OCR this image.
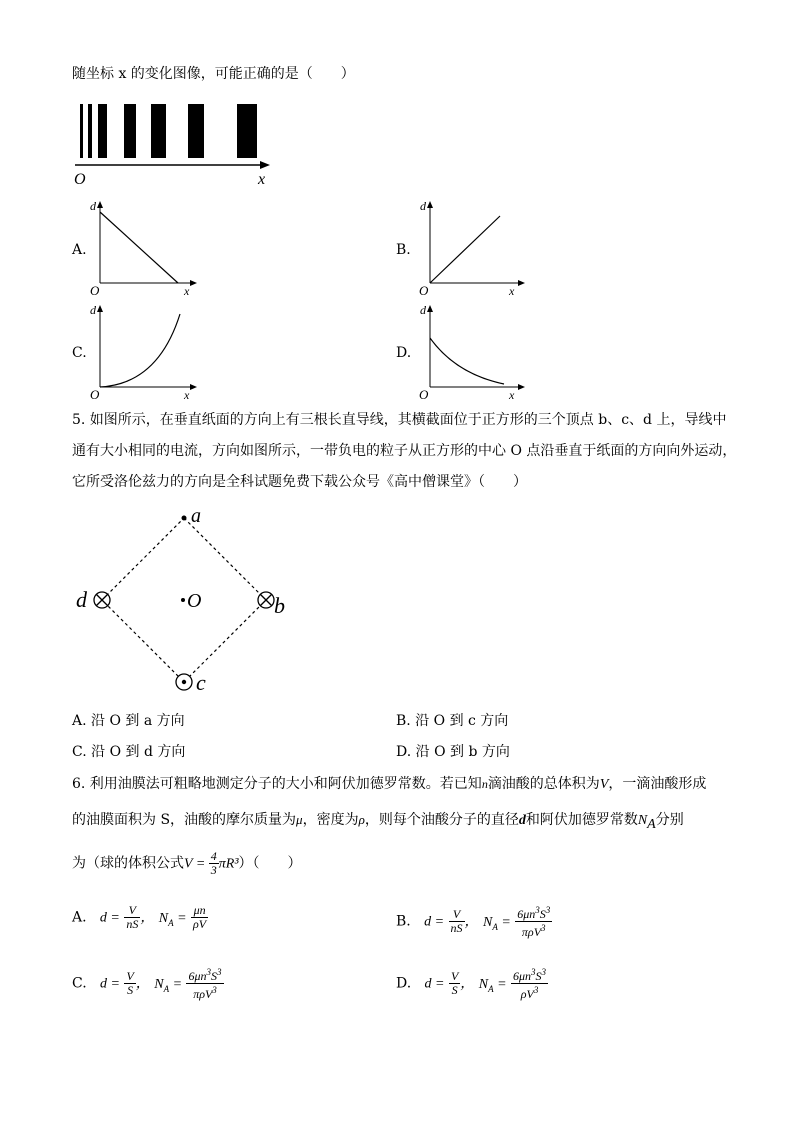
随坐标 x 的变化图像，可能正确的是（　　）
O	x
A.
d
x
O
B.
d
x
O
C.
d
x
O
D.
d
x
O
5. 如图所示，在垂直纸面的方向上有三根长直导线，其横截面位于正方形的三个顶点 b、c、d 上，导线中
通有大小相同的电流，方向如图所示，一带负电的粒子从正方形的中心 O 点沿垂直于纸面的方向向外运动，
它所受洛伦兹力的方向是全科试题免费下载公众号《高中僧课堂》（　　）
a
d	b
c
O
A. 沿 O 到 a 方向	B. 沿 O 到 c 方向
C. 沿 O 到 d 方向	D. 沿 O 到 b 方向
6. 利用油膜法可粗略地测定分子的大小和阿伏加德罗常数。若已知n滴油酸的总体积为V，一滴油酸形成
的油膜面积为 S，油酸的摩尔质量为μ，密度为ρ，则每个油酸分子的直径d和阿伏加德罗常数$N_A$分别
为（球的体积公式$V = \frac{4}{3} \pi R^3$）（　　）
A. $d = \frac{V}{nS}$ ， $N_A = \frac{\mu n}{\rho V}$	B. $d = \frac{V}{nS}$ ， $N_A = \frac{6\mu n^3S^3}{\pi\rho V^3}$
C. $d = \frac{V}{S}$ ， $N_A = \frac{6\mu n^3S^3}{\pi\rho V^3}$	D. $d = \frac{V}{S}$ ， $N_A = \frac{6\mu n^3S^3}{\rho V^3}$
